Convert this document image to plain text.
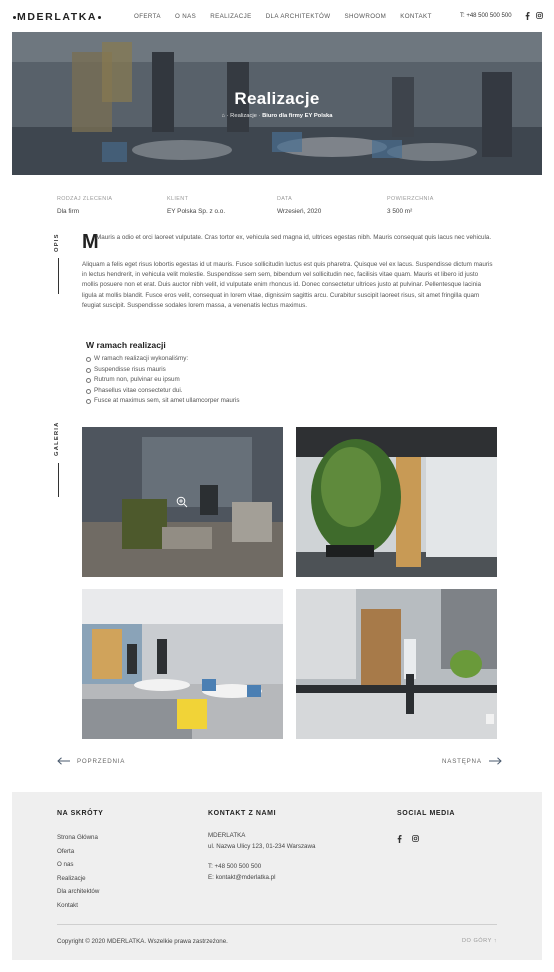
MDERLATKA	OFERTA O NAS REALIZACJE DLA ARCHITEKTÓW SHOWROOM KONTAKT	T: +48 500 500 500
Realizacje
⌂ · Realizacje · Biuro dla firmy EY Polska
RODZAJ ZLECENIA
Dla firm
KLIENT
EY Polska Sp. z o.o.
DATA
Wrzesień, 2020
POWIERZCHNIA
3 500 m²
OPIS
GALERIA
M

Mauris a odio et orci laoreet vulputate. Cras tortor ex, vehicula sed magna id, ultrices egestas nibh. Mauris consequat quis lacus nec vehicula.

Aliquam a felis eget risus lobortis egestas id ut mauris. Fusce sollicitudin luctus est quis pharetra. Quisque vel ex lacus. Suspendisse dictum mauris in lectus hendrerit, in vehicula velit molestie. Suspendisse sem sem, bibendum vel sollicitudin nec, facilisis vitae quam. Mauris et libero id justo mollis posuere non et erat. Duis auctor nibh velit, id vulputate enim rhoncus id. Donec consectetur ultrices justo at pulvinar. Pellentesque lacinia ligula at mollis blandit. Fusce eros velit, consequat in lorem vitae, dignissim sagittis arcu. Curabitur suscipit laoreet risus, sit amet fringilla quam feugiat suscipit. Suspendisse sodales lorem massa, a venenatis lectus maximus.

W ramach realizacji
W ramach realizacji wykonaliśmy:
Suspendisse risus mauris
Rutrum non, pulvinar eu ipsum
Phasellus vitae consectetur dui.
Fusce at maximus sem, sit amet ullamcorper mauris
POPRZEDNIA	NASTĘPNA
NA SKRÓTY
Strona Główna
Oferta
O nas
Realizacje
Dla architektów
Kontakt
KONTAKT Z NAMI
MDERLATKA
ul. Nazwa Ulicy 123, 01-234 Warszawa
T: +48 500 500 500
E: kontakt@mderlatka.pl
SOCIAL MEDIA
Copyright © 2020 MDERLATKA. Wszelkie prawa zastrzeżone.	DO GÓRY ↑
